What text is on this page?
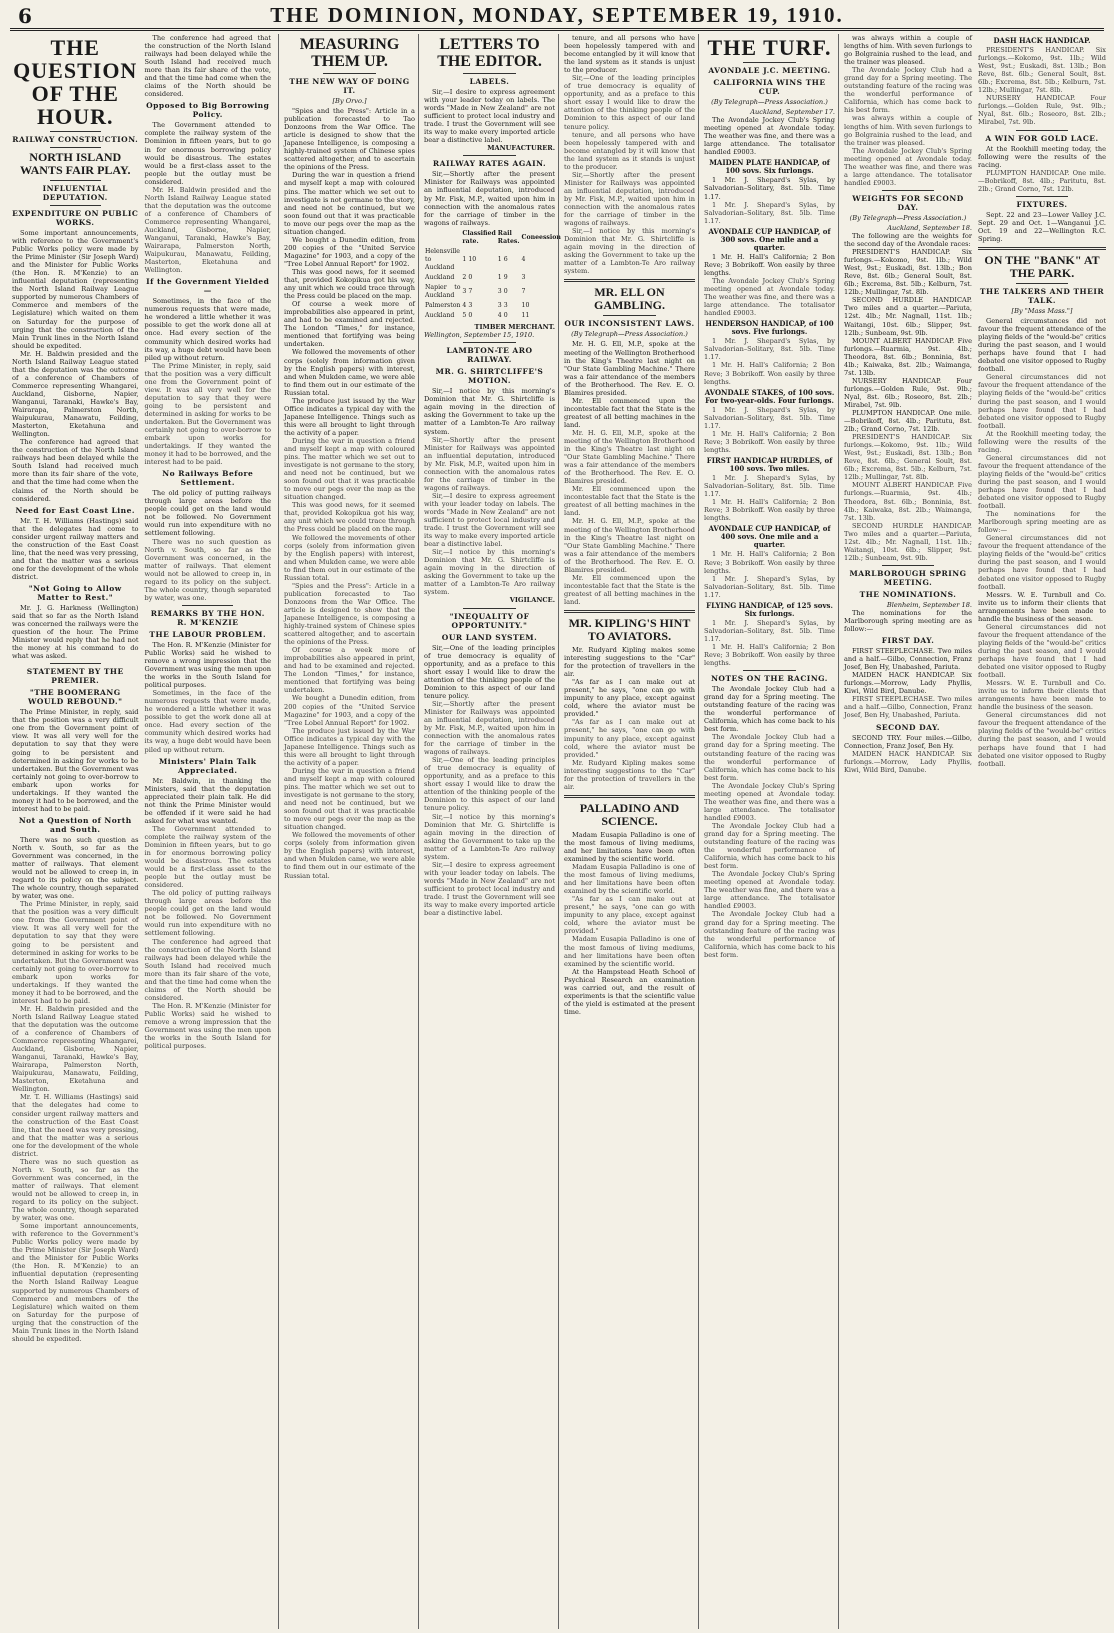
6	THE DOMINION, MONDAY, SEPTEMBER 19, 1910.
THE QUESTION OF THE HOUR.
RAILWAY CONSTRUCTION.
NORTH ISLAND WANTS FAIR PLAY.
INFLUENTIAL DEPUTATION.
EXPENDITURE ON PUBLIC WORKS.

Some important announcements, with reference to the Government's Public Works policy were made by the Prime Minister (Sir Joseph Ward) and the Minister for Public Works (the Hon. R. M'Kenzie) to an influential deputation (representing the North Island Railway League supported by numerous Chambers of Commerce and members of the Legislature) which waited on them on Saturday for the purpose of urging that the construction of the Main Trunk lines in the North Island should be expedited.

Mr. H. Baldwin presided and the North Island Railway League stated that the deputation was the outcome of a conference of Chambers of Commerce representing Whangarei, Auckland, Gisborne, Napier, Wanganui, Taranaki, Hawke's Bay, Wairarapa, Palmerston North, Waipukurau, Manawatu, Feilding, Masterton, Eketahuna and Wellington.

The conference had agreed that the construction of the North Island railways had been delayed while the South Island had received much more than its fair share of the vote, and that the time had come when the claims of the North should be considered.

Need for East Coast Line.

Mr. T. H. Williams (Hastings) said that the delegates had come to consider urgent railway matters and the construction of the East Coast line, that the need was very pressing, and that the matter was a serious one for the development of the whole district.

"Not Going to Allow Matter to Rest."

Mr. J. G. Harkness (Wellington) said that so far as the North Island was concerned the railways were the question of the hour. The Prime Minister would reply that he had not the money at his command to do what was asked.

STATEMENT BY THE PREMIER.
"THE BOOMERANG WOULD REBOUND."

The Prime Minister, in reply, said that the position was a very difficult one from the Government point of view. It was all very well for the deputation to say that they were going to be persistent and determined in asking for works to be undertaken. But the Government was certainly not going to over-borrow to embark upon works for undertakings. If they wanted the money it had to be borrowed, and the interest had to be paid.

Not a Question of North and South.

There was no such question as North v. South, so far as the Government was concerned, in the matter of railways. That element would not be allowed to creep in, in regard to its policy on the subject. The whole country, though separated by water, was one.

The Prime Minister, in reply, said that the position was a very difficult one from the Government point of view. It was all very well for the deputation to say that they were going to be persistent and determined in asking for works to be undertaken. But the Government was certainly not going to over-borrow to embark upon works for undertakings. If they wanted the money it had to be borrowed, and the interest had to be paid.

Mr. H. Baldwin presided and the North Island Railway League stated that the deputation was the outcome of a conference of Chambers of Commerce representing Whangarei, Auckland, Gisborne, Napier, Wanganui, Taranaki, Hawke's Bay, Wairarapa, Palmerston North, Waipukurau, Manawatu, Feilding, Masterton, Eketahuna and Wellington.

Mr. T. H. Williams (Hastings) said that the delegates had come to consider urgent railway matters and the construction of the East Coast line, that the need was very pressing, and that the matter was a serious one for the development of the whole district.

There was no such question as North v. South, so far as the Government was concerned, in the matter of railways. That element would not be allowed to creep in, in regard to its policy on the subject. The whole country, though separated by water, was one.

Some important announcements, with reference to the Government's Public Works policy were made by the Prime Minister (Sir Joseph Ward) and the Minister for Public Works (the Hon. R. M'Kenzie) to an influential deputation (representing the North Island Railway League supported by numerous Chambers of Commerce and members of the Legislature) which waited on them on Saturday for the purpose of urging that the construction of the Main Trunk lines in the North Island should be expedited.

The conference had agreed that the construction of the North Island railways had been delayed while the South Island had received much more than its fair share of the vote, and that the time had come when the claims of the North should be considered.

Opposed to Big Borrowing Policy.

The Government attended to complete the railway system of the Dominion in fifteen years, but to go in for enormous borrowing policy would be disastrous. The estates would be a first-class asset to the people but the outlay must be considered.

Mr. H. Baldwin presided and the North Island Railway League stated that the deputation was the outcome of a conference of Chambers of Commerce representing Whangarei, Auckland, Gisborne, Napier, Wanganui, Taranaki, Hawke's Bay, Wairarapa, Palmerston North, Waipukurau, Manawatu, Feilding, Masterton, Eketahuna and Wellington.

If the Government Yielded—

Sometimes, in the face of the numerous requests that were made, he wondered a little whether it was possible to get the work done all at once. Had every section of the community which desired works had its way, a huge debt would have been piled up without return.

The Prime Minister, in reply, said that the position was a very difficult one from the Government point of view. It was all very well for the deputation to say that they were going to be persistent and determined in asking for works to be undertaken. But the Government was certainly not going to over-borrow to embark upon works for undertakings. If they wanted the money it had to be borrowed, and the interest had to be paid.

No Railways Before Settlement.

The old policy of putting railways through large areas before the people could get on the land would not be followed. No Government would run into expenditure with no settlement following.

There was no such question as North v. South, so far as the Government was concerned, in the matter of railways. That element would not be allowed to creep in, in regard to its policy on the subject. The whole country, though separated by water, was one.

REMARKS BY THE HON. R. M'KENZIE
THE LABOUR PROBLEM.

The Hon. R. M'Kenzie (Minister for Public Works) said he wished to remove a wrong impression that the Government was using the men upon the works in the South Island for political purposes.

Sometimes, in the face of the numerous requests that were made, he wondered a little whether it was possible to get the work done all at once. Had every section of the community which desired works had its way, a huge debt would have been piled up without return.

Ministers' Plain Talk Appreciated.

Mr. Baldwin, in thanking the Ministers, said that the deputation appreciated their plain talk. He did not think the Prime Minister would be offended if it were said he had asked for what was wanted.

The Government attended to complete the railway system of the Dominion in fifteen years, but to go in for enormous borrowing policy would be disastrous. The estates would be a first-class asset to the people but the outlay must be considered.

The old policy of putting railways through large areas before the people could get on the land would not be followed. No Government would run into expenditure with no settlement following.

The conference had agreed that the construction of the North Island railways had been delayed while the South Island had received much more than its fair share of the vote, and that the time had come when the claims of the North should be considered.

The Hon. R. M'Kenzie (Minister for Public Works) said he wished to remove a wrong impression that the Government was using the men upon the works in the South Island for political purposes.

MEASURING THEM UP.
THE NEW WAY OF DOING IT.
[By Orvo.]

"Spies and the Press": Article in a publication forecasted to Tao Donzoons from the War Office. The article is designed to show that the Japanese Intelligence, is composing a highly-trained system of Chinese spies scattered altogether, and to ascertain the opinions of the Press.

During the war in question a friend and myself kept a map with coloured pins. The matter which we set out to investigate is not germane to the story, and need not be continued, but we soon found out that it was practicable to move our pegs over the map as the situation changed.

We bought a Dunedin edition, from 200 copies of the "United Service Magazine" for 1903, and a copy of the "Tree Lobel Annual Report" for 1902.

This was good news, for it seemed that, provided Kokopikua got his way, any unit which we could trace through the Press could be placed on the map.

Of course a week more of improbabilities also appeared in print, and had to be examined and rejected. The London "Times," for instance, mentioned that fortifying was being undertaken.

We followed the movements of other corps (solely from information given by the English papers) with interest, and when Mukden came, we were able to find them out in our estimate of the Russian total.

The produce just issued by the War Office indicates a typical day with the Japanese Intelligence. Things such as this were all brought to light through the activity of a paper.

During the war in question a friend and myself kept a map with coloured pins. The matter which we set out to investigate is not germane to the story, and need not be continued, but we soon found out that it was practicable to move our pegs over the map as the situation changed.

This was good news, for it seemed that, provided Kokopikua got his way, any unit which we could trace through the Press could be placed on the map.

We followed the movements of other corps (solely from information given by the English papers) with interest, and when Mukden came, we were able to find them out in our estimate of the Russian total.

"Spies and the Press": Article in a publication forecasted to Tao Donzoons from the War Office. The article is designed to show that the Japanese Intelligence, is composing a highly-trained system of Chinese spies scattered altogether, and to ascertain the opinions of the Press.

Of course a week more of improbabilities also appeared in print, and had to be examined and rejected. The London "Times," for instance, mentioned that fortifying was being undertaken.

We bought a Dunedin edition, from 200 copies of the "United Service Magazine" for 1903, and a copy of the "Tree Lobel Annual Report" for 1902.

The produce just issued by the War Office indicates a typical day with the Japanese Intelligence. Things such as this were all brought to light through the activity of a paper.

During the war in question a friend and myself kept a map with coloured pins. The matter which we set out to investigate is not germane to the story, and need not be continued, but we soon found out that it was practicable to move our pegs over the map as the situation changed.

We followed the movements of other corps (solely from information given by the English papers) with interest, and when Mukden came, we were able to find them out in our estimate of the Russian total.

LETTERS TO THE EDITOR.
LABELS.

Sir,—I desire to express agreement with your leader today on labels. The words "Made in New Zealand" are not sufficient to protect local industry and trade. I trust the Government will see its way to make every imported article bear a distinctive label.

MANUFACTURER.
RAILWAY RATES AGAIN.

Sir,—Shortly after the present Minister for Railways was appointed an influential deputation, introduced by Mr. Fisk, M.P., waited upon him in connection with the anomalous rates for the carriage of timber in the wagons of railways.

	Classified rate.	Rail Rates.	Coneession
Helensville to Auckland	1 10	1 6	4
Auckland	2 0	1 9	3
Napier to Auckland	3 7	3 0	7
Palmerston	4 3	3 3	10
Auckland	5 0	4 0	11
TIMBER MERCHANT.
Wellington, September 15, 1910.
LAMBTON-TE ARO RAILWAY.
MR. G. SHIRTCLIFFE'S MOTION.

Sir,—I notice by this morning's Dominion that Mr. G. Shirtcliffe is again moving in the direction of asking the Government to take up the matter of a Lambton-Te Aro railway system.

Sir,—Shortly after the present Minister for Railways was appointed an influential deputation, introduced by Mr. Fisk, M.P., waited upon him in connection with the anomalous rates for the carriage of timber in the wagons of railways.

Sir,—I desire to express agreement with your leader today on labels. The words "Made in New Zealand" are not sufficient to protect local industry and trade. I trust the Government will see its way to make every imported article bear a distinctive label.

Sir,—I notice by this morning's Dominion that Mr. G. Shirtcliffe is again moving in the direction of asking the Government to take up the matter of a Lambton-Te Aro railway system.

VIGILANCE.
"INEQUALITY OF OPPORTUNITY."
OUR LAND SYSTEM.

Sir,—One of the leading principles of true democracy is equality of opportunity, and as a preface to this short essay I would like to draw the attention of the thinking people of the Dominion to this aspect of our land tenure policy.

Sir,—Shortly after the present Minister for Railways was appointed an influential deputation, introduced by Mr. Fisk, M.P., waited upon him in connection with the anomalous rates for the carriage of timber in the wagons of railways.

Sir,—One of the leading principles of true democracy is equality of opportunity, and as a preface to this short essay I would like to draw the attention of the thinking people of the Dominion to this aspect of our land tenure policy.

Sir,—I notice by this morning's Dominion that Mr. G. Shirtcliffe is again moving in the direction of asking the Government to take up the matter of a Lambton-Te Aro railway system.

Sir,—I desire to express agreement with your leader today on labels. The words "Made in New Zealand" are not sufficient to protect local industry and trade. I trust the Government will see its way to make every imported article bear a distinctive label.

tenure, and all persons who have been hopelessly tampered with and become entangled by it will know that the land system as it stands is unjust to the producer.

Sir,—One of the leading principles of true democracy is equality of opportunity, and as a preface to this short essay I would like to draw the attention of the thinking people of the Dominion to this aspect of our land tenure policy.

tenure, and all persons who have been hopelessly tampered with and become entangled by it will know that the land system as it stands is unjust to the producer.

Sir,—Shortly after the present Minister for Railways was appointed an influential deputation, introduced by Mr. Fisk, M.P., waited upon him in connection with the anomalous rates for the carriage of timber in the wagons of railways.

Sir,—I notice by this morning's Dominion that Mr. G. Shirtcliffe is again moving in the direction of asking the Government to take up the matter of a Lambton-Te Aro railway system.

MR. ELL ON GAMBLING.
OUR INCONSISTENT LAWS.
(By Telegraph—Press Association.)

Mr. H. G. Ell, M.P., spoke at the meeting of the Wellington Brotherhood in the King's Theatre last night on "Our State Gambling Machine." There was a fair attendance of the members of the Brotherhood. The Rev. E. O. Blamires presided.

Mr. Ell commenced upon the incontestable fact that the State is the greatest of all betting machines in the land.

Mr. H. G. Ell, M.P., spoke at the meeting of the Wellington Brotherhood in the King's Theatre last night on "Our State Gambling Machine." There was a fair attendance of the members of the Brotherhood. The Rev. E. O. Blamires presided.

Mr. Ell commenced upon the incontestable fact that the State is the greatest of all betting machines in the land.

Mr. H. G. Ell, M.P., spoke at the meeting of the Wellington Brotherhood in the King's Theatre last night on "Our State Gambling Machine." There was a fair attendance of the members of the Brotherhood. The Rev. E. O. Blamires presided.

Mr. Ell commenced upon the incontestable fact that the State is the greatest of all betting machines in the land.

MR. KIPLING'S HINT TO AVIATORS.

Mr. Rudyard Kipling makes some interesting suggestions to the "Car" for the protection of travellers in the air.

"As far as I can make out at present," he says, "one can go with impunity to any place, except against cold, where the aviator must be provided."

"As far as I can make out at present," he says, "one can go with impunity to any place, except against cold, where the aviator must be provided."

Mr. Rudyard Kipling makes some interesting suggestions to the "Car" for the protection of travellers in the air.

PALLADINO AND SCIENCE.

Madam Eusapia Palladino is one of the most famous of living mediums, and her limitations have been often examined by the scientific world.

Madam Eusapia Palladino is one of the most famous of living mediums, and her limitations have been often examined by the scientific world.

"As far as I can make out at present," he says, "one can go with impunity to any place, except against cold, where the aviator must be provided."

Madam Eusapia Palladino is one of the most famous of living mediums, and her limitations have been often examined by the scientific world.

At the Hampstead Heath School of Psychical Research an examination was carried out, and the result of experiments is that the scientific value of the yield is estimated at the present time.

THE TURF.
AVONDALE J.C. MEETING.
CALIFORNIA WINS THE CUP.
(By Telegraph—Press Association.)
Auckland, September 17.

The Avondale Jockey Club's Spring meeting opened at Avondale today. The weather was fine, and there was a large attendance. The totalisator handled £9003.

MAIDEN PLATE HANDICAP, of 100 sovs. Six furlongs.

1 Mr. J. Shepard's Sylas, by Salvadorian–Solitary, 8st. 5lb. Time 1.17.

1 Mr. J. Shepard's Sylas, by Salvadorian–Solitary, 8st. 5lb. Time 1.17.

AVONDALE CUP HANDICAP, of 300 sovs. One mile and a quarter.

1 Mr. H. Hall's California; 2 Bon Reve; 3 Bobrikoff. Won easily by three lengths.

The Avondale Jockey Club's Spring meeting opened at Avondale today. The weather was fine, and there was a large attendance. The totalisator handled £9003.

HENDERSON HANDICAP, of 100 sovs. Five furlongs.

1 Mr. J. Shepard's Sylas, by Salvadorian–Solitary, 8st. 5lb. Time 1.17.

1 Mr. H. Hall's California; 2 Bon Reve; 3 Bobrikoff. Won easily by three lengths.

AVONDALE STAKES, of 100 sovs. For two-year-olds. Four furlongs.

1 Mr. J. Shepard's Sylas, by Salvadorian–Solitary, 8st. 5lb. Time 1.17.

1 Mr. H. Hall's California; 2 Bon Reve; 3 Bobrikoff. Won easily by three lengths.

FIRST HANDICAP HURDLES, of 100 sovs. Two miles.

1 Mr. J. Shepard's Sylas, by Salvadorian–Solitary, 8st. 5lb. Time 1.17.

1 Mr. H. Hall's California; 2 Bon Reve; 3 Bobrikoff. Won easily by three lengths.

AVONDALE CUP HANDICAP, of 400 sovs. One mile and a quarter.

1 Mr. H. Hall's California; 2 Bon Reve; 3 Bobrikoff. Won easily by three lengths.

1 Mr. J. Shepard's Sylas, by Salvadorian–Solitary, 8st. 5lb. Time 1.17.

FLYING HANDICAP, of 125 sovs. Six furlongs.

1 Mr. J. Shepard's Sylas, by Salvadorian–Solitary, 8st. 5lb. Time 1.17.

1 Mr. H. Hall's California; 2 Bon Reve; 3 Bobrikoff. Won easily by three lengths.

NOTES ON THE RACING.

The Avondale Jockey Club had a grand day for a Spring meeting. The outstanding feature of the racing was the wonderful performance of California, which has come back to his best form.

The Avondale Jockey Club had a grand day for a Spring meeting. The outstanding feature of the racing was the wonderful performance of California, which has come back to his best form.

The Avondale Jockey Club's Spring meeting opened at Avondale today. The weather was fine, and there was a large attendance. The totalisator handled £9003.

The Avondale Jockey Club had a grand day for a Spring meeting. The outstanding feature of the racing was the wonderful performance of California, which has come back to his best form.

The Avondale Jockey Club's Spring meeting opened at Avondale today. The weather was fine, and there was a large attendance. The totalisator handled £9003.

The Avondale Jockey Club had a grand day for a Spring meeting. The outstanding feature of the racing was the wonderful performance of California, which has come back to his best form.

was always within a couple of lengths of him. With seven furlongs to go Bolgrainia rushed to the lead, and the trainer was pleased.

The Avondale Jockey Club had a grand day for a Spring meeting. The outstanding feature of the racing was the wonderful performance of California, which has come back to his best form.

was always within a couple of lengths of him. With seven furlongs to go Bolgrainia rushed to the lead, and the trainer was pleased.

The Avondale Jockey Club's Spring meeting opened at Avondale today. The weather was fine, and there was a large attendance. The totalisator handled £9003.

WEIGHTS FOR SECOND DAY.
(By Telegraph—Press Association.)
Auckland, September 18.

The following are the weights for the second day of the Avondale races:

PRESIDENT'S HANDICAP. Six furlongs.—Kokomo, 9st. 1lb.; Wild West, 9st.; Euskadi, 8st. 13lb.; Bon Reve, 8st. 6lb.; General Soult, 8st. 6lb.; Excrema, 8st. 5lb.; Kelburn, 7st. 12lb.; Mullingar, 7st. 8lb.

SECOND HURDLE HANDICAP. Two miles and a quarter.—Pariuta, 12st. 4lb.; Mr. Nagnall, 11st. 1lb.; Waitangi, 10st. 6lb.; Slipper, 9st. 12lb.; Sunbeam, 9st. 9lb.

MOUNT ALBERT HANDICAP. Five furlongs.—Ruarmia, 9st. 4lb.; Theodora, 8st. 6lb.; Bonninia, 8st. 4lb.; Kaiwaka, 8st. 2lb.; Waimanga, 7st. 13lb.

NURSERY HANDICAP. Four furlongs.—Golden Rule, 9st. 9lb.; Nyal, 8st. 6lb.; Roseoro, 8st. 2lb.; Mirabel, 7st. 9lb.

PLUMPTON HANDICAP. One mile.—Bobrikoff, 8st. 4lb.; Paritutu, 8st. 2lb.; Grand Corno, 7st. 12lb.

PRESIDENT'S HANDICAP. Six furlongs.—Kokomo, 9st. 1lb.; Wild West, 9st.; Euskadi, 8st. 13lb.; Bon Reve, 8st. 6lb.; General Soult, 8st. 6lb.; Excrema, 8st. 5lb.; Kelburn, 7st. 12lb.; Mullingar, 7st. 8lb.

MOUNT ALBERT HANDICAP. Five furlongs.—Ruarmia, 9st. 4lb.; Theodora, 8st. 6lb.; Bonninia, 8st. 4lb.; Kaiwaka, 8st. 2lb.; Waimanga, 7st. 13lb.

SECOND HURDLE HANDICAP. Two miles and a quarter.—Pariuta, 12st. 4lb.; Mr. Nagnall, 11st. 1lb.; Waitangi, 10st. 6lb.; Slipper, 9st. 12lb.; Sunbeam, 9st. 9lb.

MARLBOROUGH SPRING MEETING.
THE NOMINATIONS.
Blenheim, September 18.

The nominations for the Marlborough spring meeting are as follow:—

FIRST DAY.

FIRST STEEPLECHASE. Two miles and a half.—Gilbo, Connection, Franz Josef, Ben Hy, Unabashed, Pariuta.

MAIDEN HACK HANDICAP. Six furlongs.—Morrow, Lady Phyllis, Kiwi, Wild Bird, Danube.

FIRST STEEPLECHASE. Two miles and a half.—Gilbo, Connection, Franz Josef, Ben Hy, Unabashed, Pariuta.

SECOND DAY.

SECOND TRY. Four miles.—Gilbo, Connection, Franz Josef, Ben Hy.

MAIDEN HACK HANDICAP. Six furlongs.—Morrow, Lady Phyllis, Kiwi, Wild Bird, Danube.

DASH HACK HANDICAP.

PRESIDENT'S HANDICAP. Six furlongs.—Kokomo, 9st. 1lb.; Wild West, 9st.; Euskadi, 8st. 13lb.; Bon Reve, 8st. 6lb.; General Soult, 8st. 6lb.; Excrema, 8st. 5lb.; Kelburn, 7st. 12lb.; Mullingar, 7st. 8lb.

NURSERY HANDICAP. Four furlongs.—Golden Rule, 9st. 9lb.; Nyal, 8st. 6lb.; Roseoro, 8st. 2lb.; Mirabel, 7st. 9lb.

A WIN FOR GOLD LACE.

At the Rookhill meeting today, the following were the results of the racing.

PLUMPTON HANDICAP. One mile.—Bobrikoff, 8st. 4lb.; Paritutu, 8st. 2lb.; Grand Corno, 7st. 12lb.

FIXTURES.

Sept. 22 and 23—Lower Valley J.C. Sept. 29 and Oct. 1—Wanganui J.C. Oct. 19 and 22—Wellington R.C. Spring.

ON THE "BANK" AT THE PARK.
THE TALKERS AND THEIR TALK.
[By "Mass Mass."]

General circumstances did not favour the frequent attendance of the playing fields of the "would-be" critics during the past season, and I would perhaps have found that I had debated one visitor opposed to Rugby football.

General circumstances did not favour the frequent attendance of the playing fields of the "would-be" critics during the past season, and I would perhaps have found that I had debated one visitor opposed to Rugby football.

At the Rookhill meeting today, the following were the results of the racing.

General circumstances did not favour the frequent attendance of the playing fields of the "would-be" critics during the past season, and I would perhaps have found that I had debated one visitor opposed to Rugby football.

The nominations for the Marlborough spring meeting are as follow:—

General circumstances did not favour the frequent attendance of the playing fields of the "would-be" critics during the past season, and I would perhaps have found that I had debated one visitor opposed to Rugby football.

Messrs. W. E. Turnbull and Co. invite us to inform their clients that arrangements have been made to handle the business of the season.

General circumstances did not favour the frequent attendance of the playing fields of the "would-be" critics during the past season, and I would perhaps have found that I had debated one visitor opposed to Rugby football.

Messrs. W. E. Turnbull and Co. invite us to inform their clients that arrangements have been made to handle the business of the season.

General circumstances did not favour the frequent attendance of the playing fields of the "would-be" critics during the past season, and I would perhaps have found that I had debated one visitor opposed to Rugby football.
